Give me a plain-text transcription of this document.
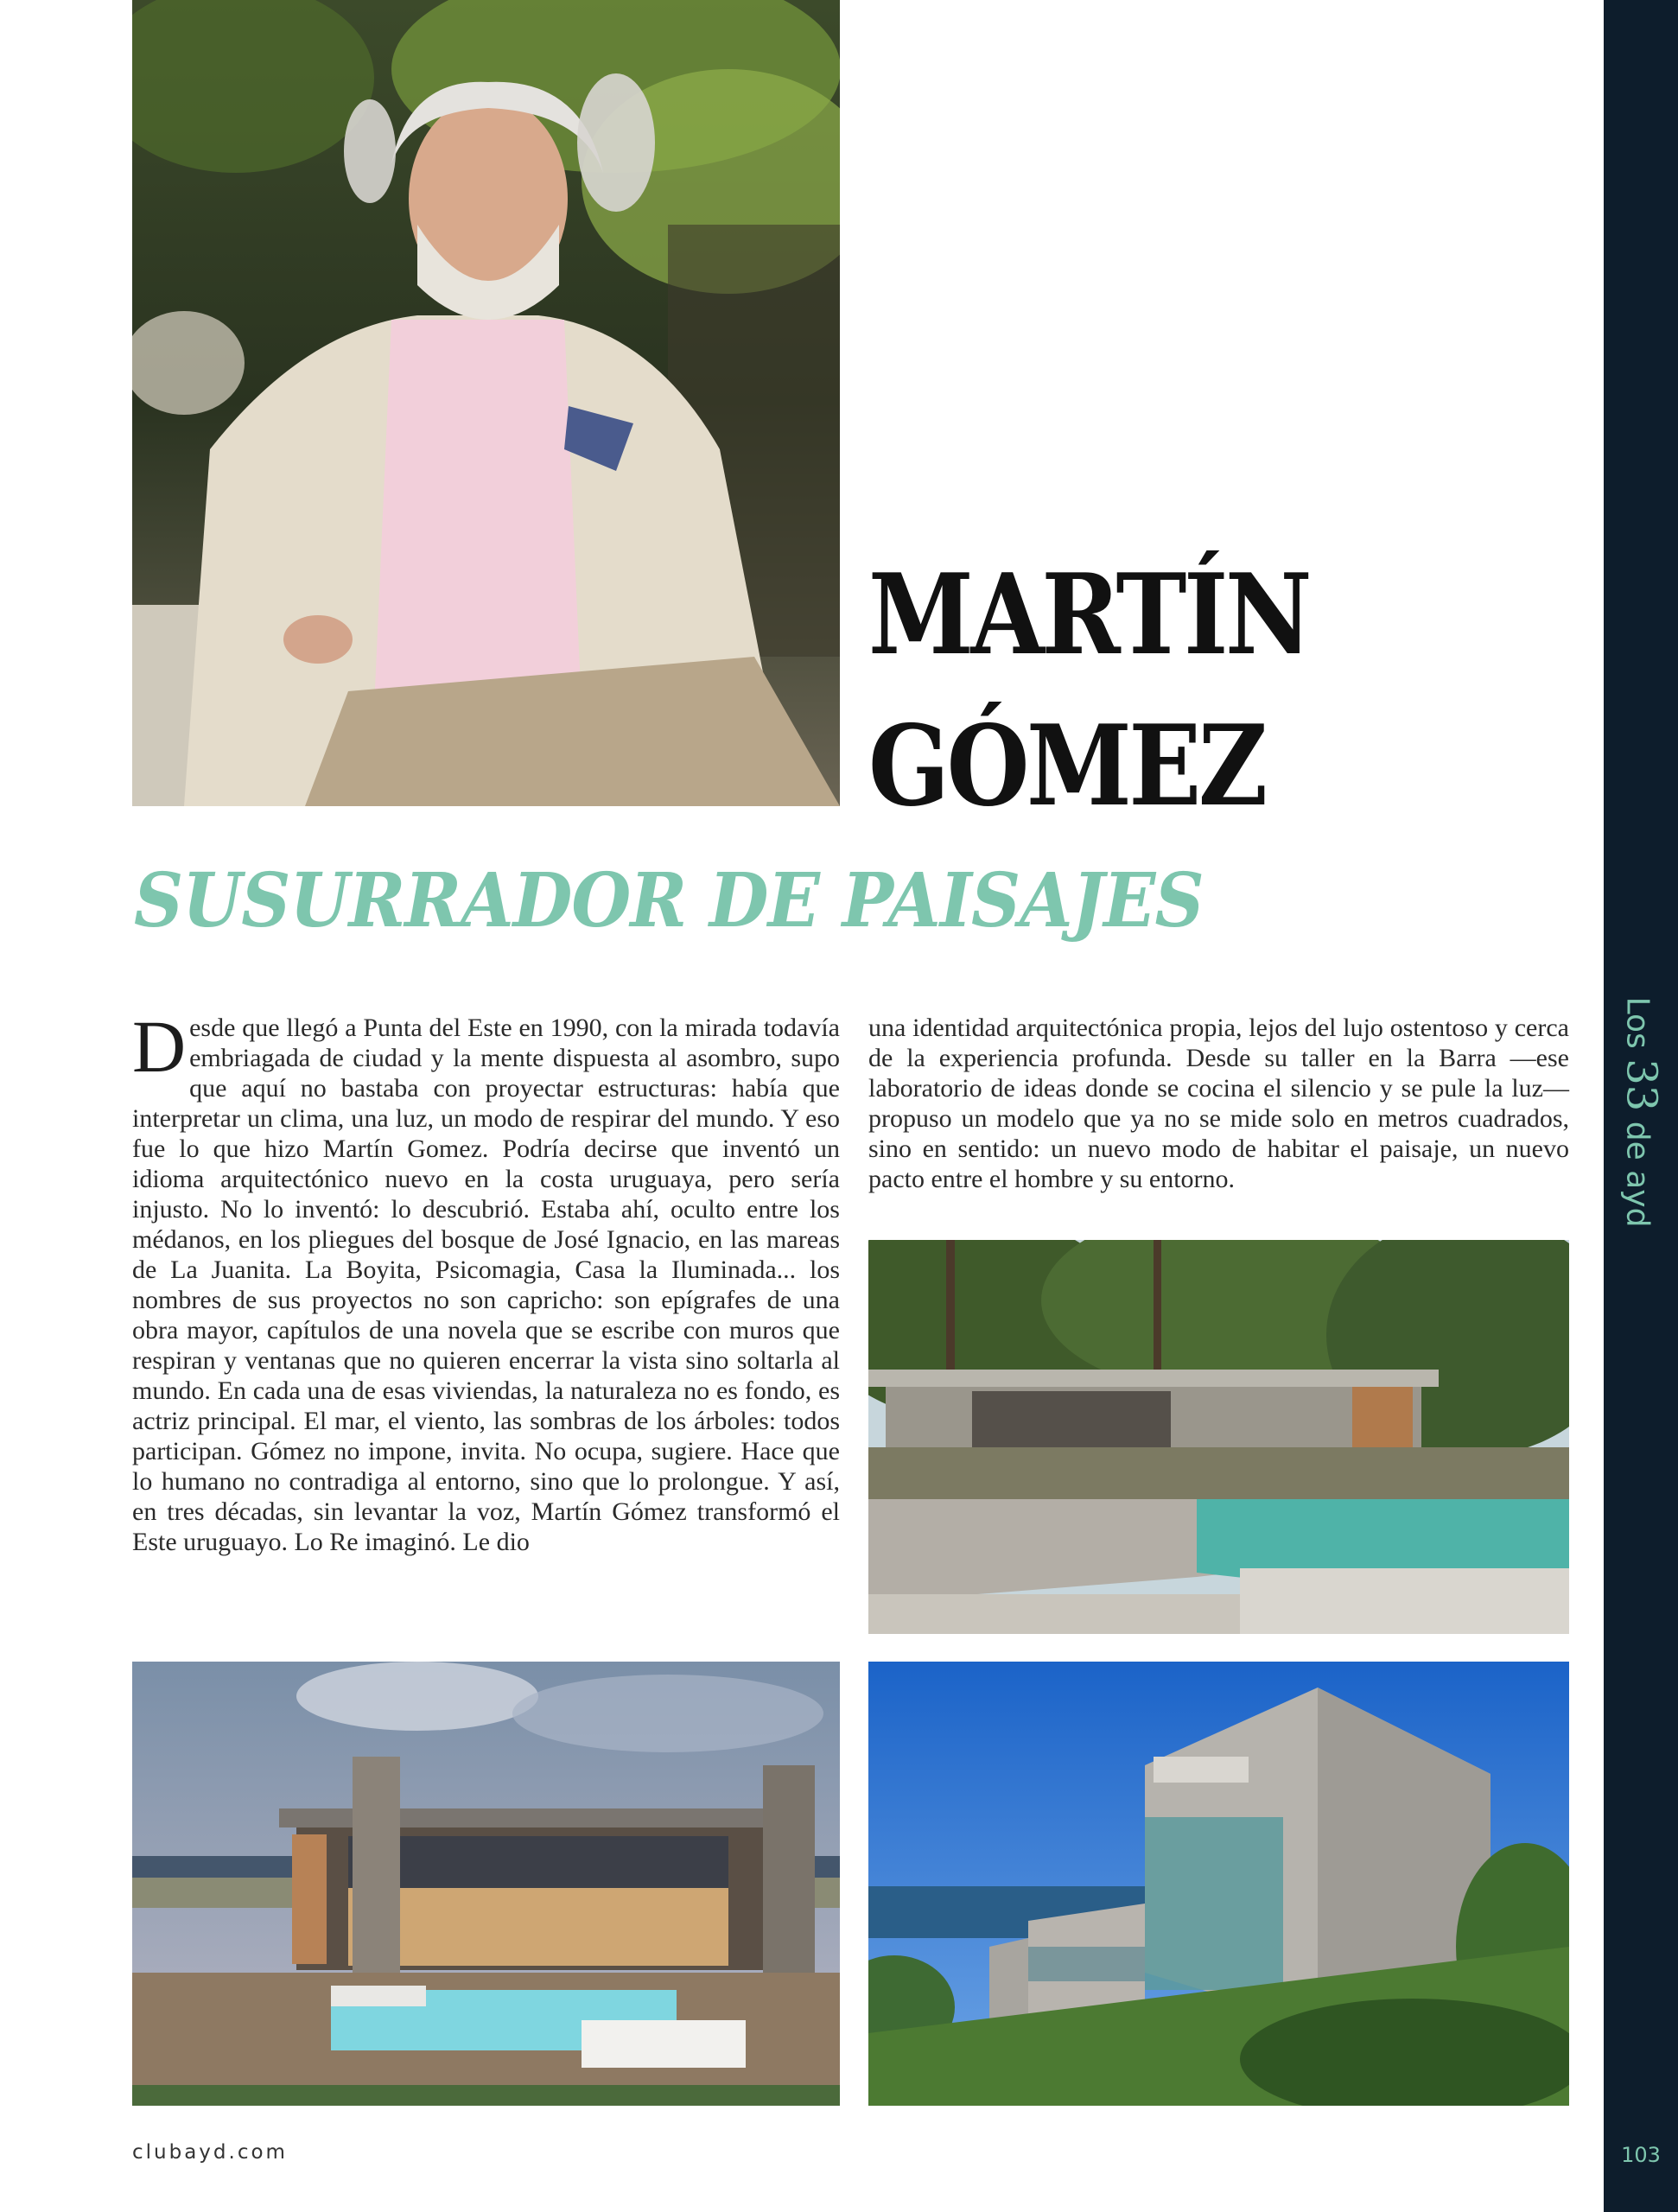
MARTÍN
GÓMEZ
SUSURRADOR DE PAISAJES

Desde que llegó a Punta del Este en 1990, con la mirada todavía embriagada de ciudad y la mente dispuesta al asombro, supo que aquí no bastaba con proyectar estructuras: había que interpretar un clima, una luz, un modo de respirar del mundo. Y eso fue lo que hizo Martín Gomez. Podría decirse que inventó un idioma arquitectónico nuevo en la costa uruguaya, pero sería injusto. No lo inventó: lo descubrió. Estaba ahí, oculto entre los médanos, en los pliegues del bosque de José Ignacio, en las mareas de La Juanita. La Boyita, Psicomagia, Casa la Iluminada... los nombres de sus proyectos no son capricho: son epígrafes de una obra mayor, capítulos de una novela que se escribe con muros que respiran y ventanas que no quieren encerrar la vista sino soltarla al mundo. En cada una de esas viviendas, la naturaleza no es fondo, es actriz principal. El mar, el viento, las sombras de los árboles: todos participan. Gómez no impone, invita. No ocupa, sugiere. Hace que lo humano no contradiga al entorno, sino que lo prolongue. Y así, en tres décadas, sin levantar la voz, Martín Gómez transformó el Este uruguayo. Lo Re imaginó. Le dio

una identidad arquitectónica propia, lejos del lujo ostentoso y cerca de la experiencia profunda. Desde su taller en la Barra —ese laboratorio de ideas donde se cocina el silencio y se pule la luz— propuso un modelo que ya no se mide solo en metros cuadrados, sino en sentido: un nuevo modo de habitar el paisaje, un nuevo pacto entre el hombre y su entorno.

clubayd.com
Los 33 de ayd
103
